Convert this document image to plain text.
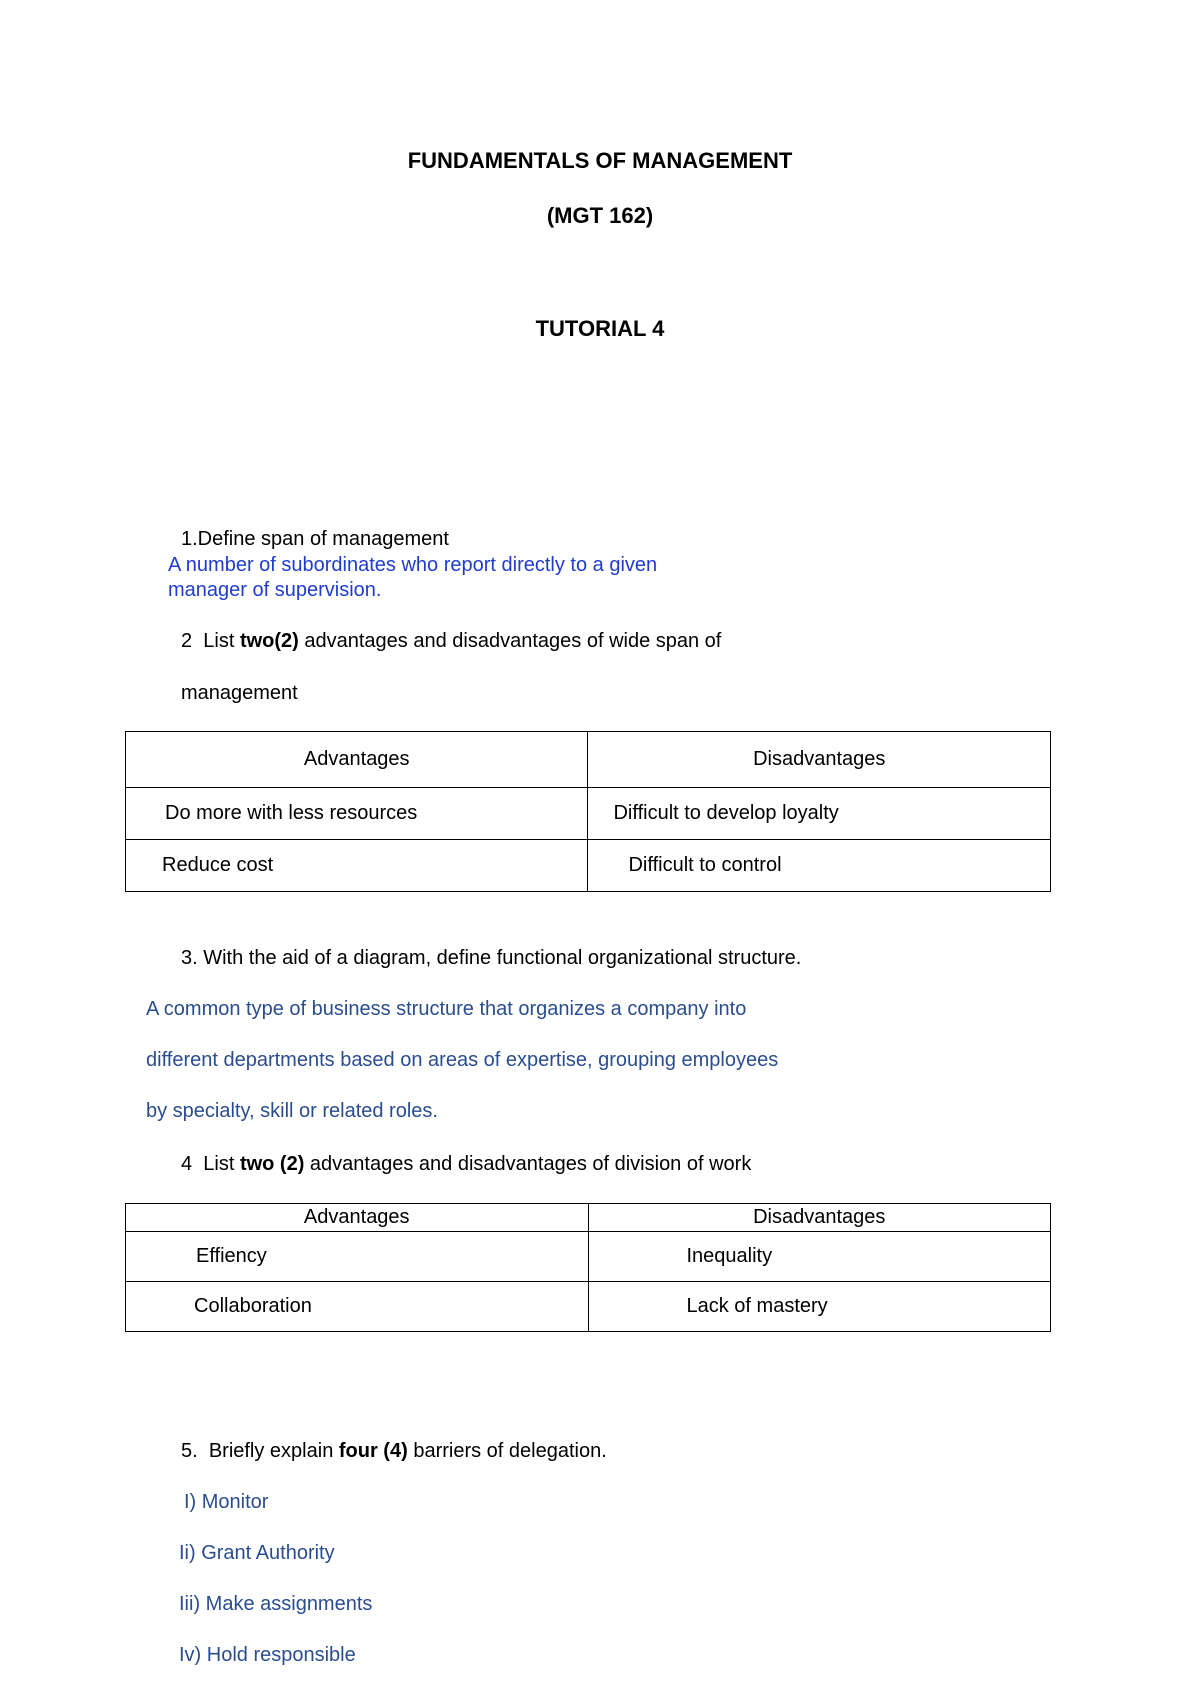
FUNDAMENTALS OF MANAGEMENT
(MGT 162)
TUTORIAL 4
1.Define span of management
A number of subordinates who report directly to a given
manager of supervision.
2 List two(2) advantages and disadvantages of wide span of
management
Advantages	Disadvantages
Do more with less resources	Difficult to develop loyalty
Reduce cost	Difficult to control
3. With the aid of a diagram, define functional organizational structure.
A common type of business structure that organizes a company into
different departments based on areas of expertise, grouping employees
by specialty, skill or related roles.
4 List two (2) advantages and disadvantages of division of work
Advantages	Disadvantages
Effiency	Inequality
Collaboration	Lack of mastery
5. Briefly explain four (4) barriers of delegation.
I) Monitor
Ii) Grant Authority
Iii) Make assignments
Iv) Hold responsible
